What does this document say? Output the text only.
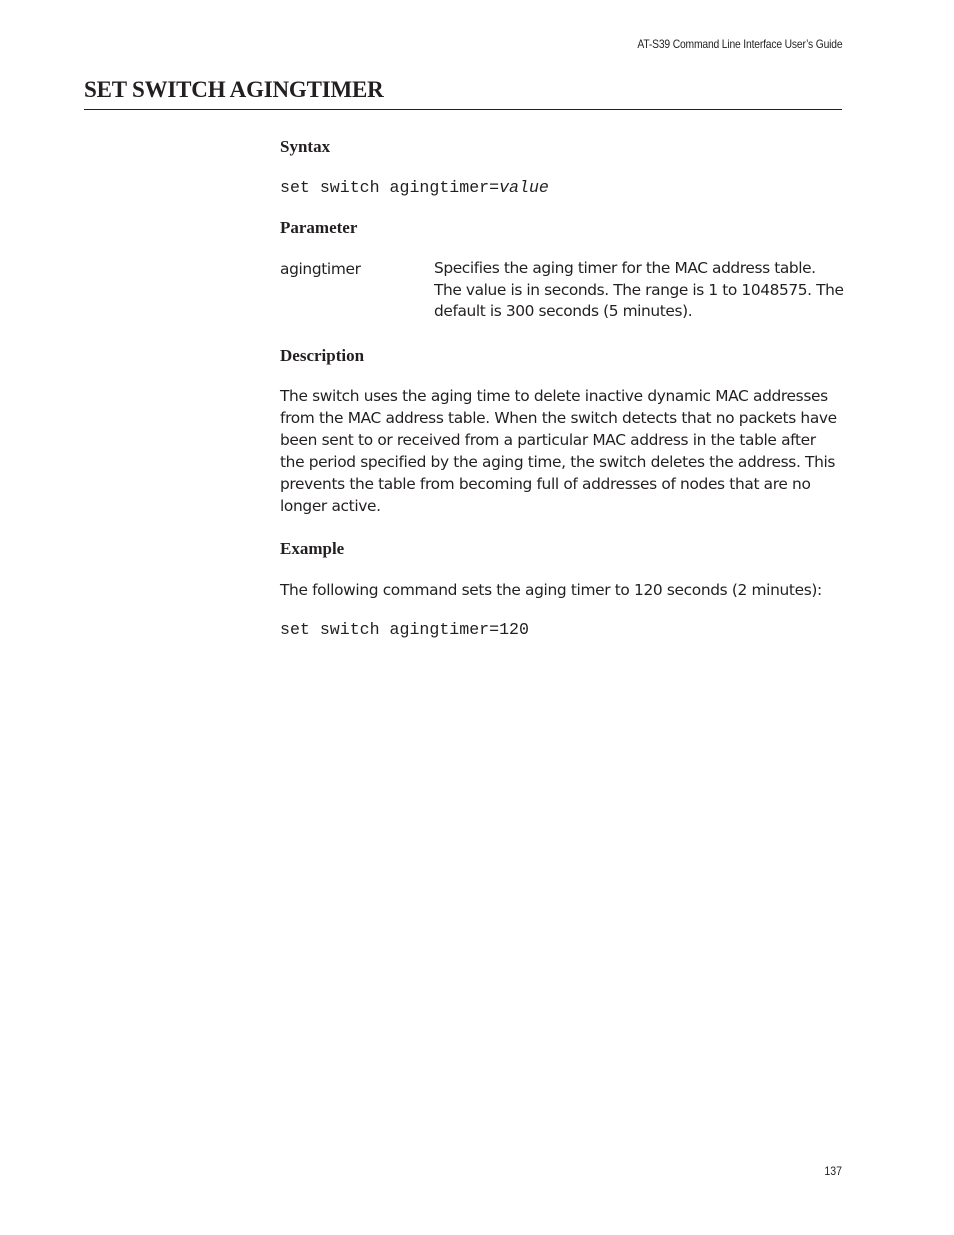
AT-S39 Command Line Interface User’s Guide
SET SWITCH AGINGTIMER
Syntax

set switch agingtimer=value

Parameter

agingtimer	Specifies the aging timer for the MAC address table. The value is in seconds. The range is 1 to 1048575. The default is 300 seconds (5 minutes).

Description

The switch uses the aging time to delete inactive dynamic MAC addresses from the MAC address table. When the switch detects that no packets have been sent to or received from a particular MAC address in the table after the period specified by the aging time, the switch deletes the address. This prevents the table from becoming full of addresses of nodes that are no longer active.

Example

The following command sets the aging timer to 120 seconds (2 minutes):

set switch agingtimer=120

137
